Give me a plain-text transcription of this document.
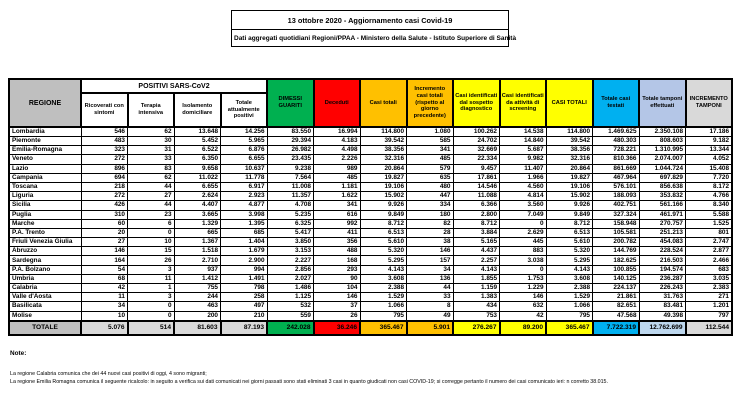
13 ottobre 2020 - Aggiornamento casi Covid-19
Dati aggregati quotidiani Regioni/PPAA - Ministero della Salute - Istituto Superiore di Sanità
REGIONE	POSITIVI SARS-CoV2				DIMESSI GUARITI	Deceduti	Casi totali	Incremento casi totali (rispetto al giorno precedente)	Casi identificati dal sospetto diagnostico	Casi identificati da attività di screening	CASI TOTALI	Totale casi testati	Totale tamponi effettuati	INCREMENTO TAMPONI
	Ricoverati con sintomi	Terapia intensiva	Isolamento domiciliare	Totale attualmente positivi										
Lombardia	546	62	13.648	14.256	83.550	16.994	114.800	1.080	100.262	14.538	114.800	1.469.625	2.350.108	17.186
Piemonte	483	30	5.452	5.965	29.394	4.183	39.542	585	24.702	14.840	39.542	480.303	808.603	9.182
Emilia-Romagna	323	31	6.522	6.876	26.982	4.498	38.356	341	32.669	5.687	38.356	728.221	1.310.995	13.344
Veneto	272	33	6.350	6.655	23.435	2.226	32.316	485	22.334	9.982	32.316	810.366	2.074.007	4.052
Lazio	896	83	9.658	10.637	9.238	989	20.864	579	9.457	11.407	20.864	861.669	1.044.724	15.408
Campania	694	62	11.022	11.778	7.564	485	19.827	635	17.861	1.966	19.827	467.964	697.829	7.720
Toscana	218	44	6.655	6.917	11.008	1.181	19.106	480	14.546	4.560	19.106	576.101	856.638	8.172
Liguria	272	27	2.624	2.923	11.357	1.622	15.902	447	11.088	4.814	15.902	188.093	353.832	4.766
Sicilia	426	44	4.407	4.877	4.708	341	9.926	334	6.366	3.560	9.926	402.751	561.166	8.340
Puglia	310	23	3.665	3.998	5.235	616	9.849	180	2.800	7.049	9.849	327.324	461.971	5.588
Marche	60	6	1.329	1.395	6.325	992	8.712	82	8.712	0	8.712	158.948	270.757	1.525
P.A. Trento	20	0	665	685	5.417	411	6.513	28	3.884	2.629	6.513	105.581	251.213	801
Friuli Venezia Giulia	27	10	1.367	1.404	3.850	356	5.610	38	5.165	445	5.610	200.782	454.083	2.747
Abruzzo	146	15	1.518	1.679	3.153	488	5.320	146	4.437	883	5.320	144.769	228.524	2.877
Sardegna	164	26	2.710	2.900	2.227	168	5.295	157	2.257	3.038	5.295	182.625	216.503	2.466
P.A. Bolzano	54	3	937	994	2.856	293	4.143	34	4.143	0	4.143	100.855	194.574	683
Umbria	68	11	1.412	1.491	2.027	90	3.608	136	1.855	1.753	3.608	140.125	236.287	3.035
Calabria	42	1	755	798	1.486	104	2.388	44	1.159	1.229	2.388	224.137	226.243	2.383
Valle d'Aosta	11	3	244	258	1.125	146	1.529	33	1.383	146	1.529	21.861	31.763	271
Basilicata	34	0	463	497	532	37	1.066	8	434	632	1.066	82.651	83.481	1.201
Molise	10	0	200	210	559	26	795	49	753	42	795	47.568	49.398	797
TOTALE	5.076	514	81.603	87.193	242.028	36.246	365.467	5.901	276.267	89.200	365.467	7.722.319	12.762.699	112.544
Note:
La regione Calabria comunica che dei 44 nuovi casi positivi di oggi, 4 sono migranti;
La regione Emilia Romagna comunica il seguente ricalcolo: in seguito a verifica sui dati comunicati nei giorni passati sono stati eliminati 3 casi in quanto giudicati non casi COVID-19; si corregge pertanto il numero dei casi comunicato ieri: n corretto 38.015.
